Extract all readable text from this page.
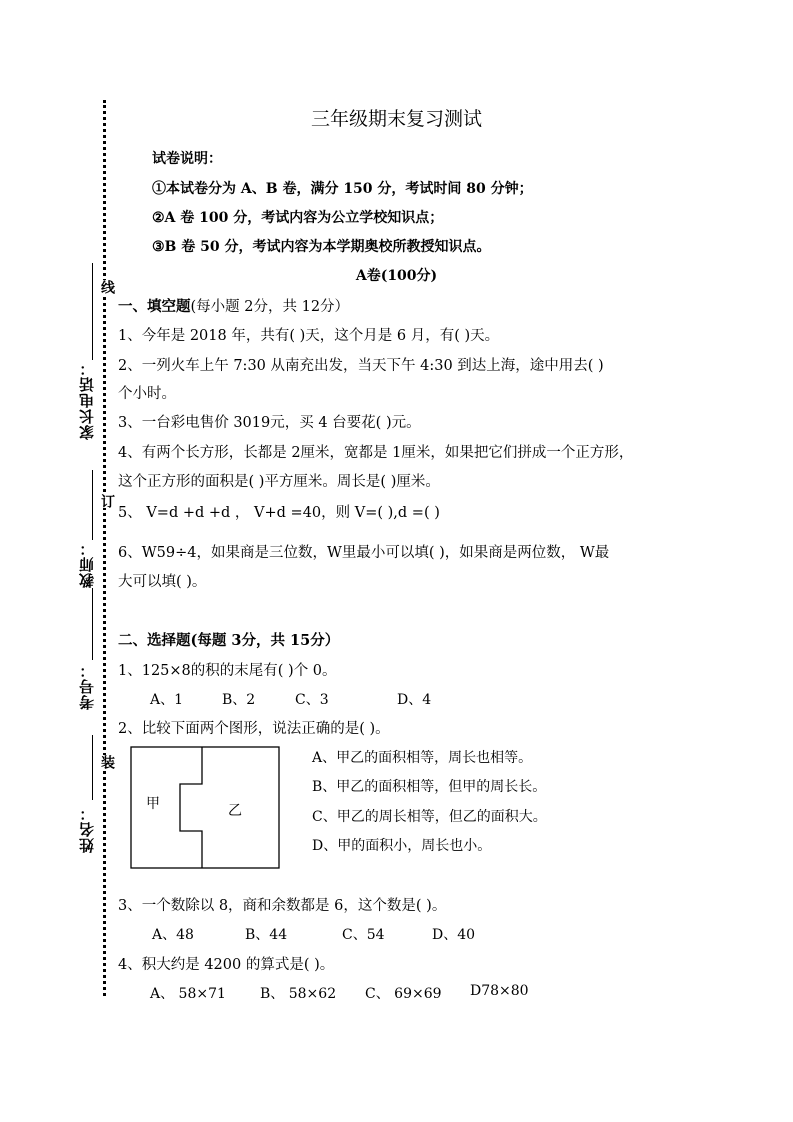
家长电话：
教师：
考号：
姓名：
线
订
装
三年级期末复习测试
试卷说明：
①本试卷分为 A、B 卷，满分 150 分，考试时间 80 分钟；
②A 卷 100 分，考试内容为公立学校知识点；
③B 卷 50 分，考试内容为本学期奥校所教授知识点。
A卷(100分)
一、填空题(每小题 2分，共 12分）
1、今年是 2018 年，共有( )天，这个月是 6 月，有( )天。
2、一列火车上午 7:30 从南充出发，当天下午 4:30 到达上海，途中用去( )
个小时。
3、一台彩电售价 3019元，买 4 台要花( )元。
4、有两个长方形，长都是 2厘米，宽都是 1厘米，如果把它们拼成一个正方形，
这个正方形的面积是( )平方厘米。周长是( )厘米。
5、 V=d +d +d ， V+d =40，则 V=( ),d =( )
6、W59÷4，如果商是三位数，W里最小可以填( )，如果商是两位数， W最
大可以填( )。
二、选择题(每题 3分，共 15分）
1、125×8的积的末尾有( )个 0。
A、1	B、2	C、3	D、4
2、比较下面两个图形，说法正确的是( )。
甲	乙
A、甲乙的面积相等，周长也相等。
B、甲乙的面积相等，但甲的周长长。
C、甲乙的周长相等，但乙的面积大。
D、甲的面积小，周长也小。
3、一个数除以 8，商和余数都是 6，这个数是( )。
A、48	B、44	C、54	D、40
4、积大约是 4200 的算式是( )。
A、 58×71 B、 58×62 C、 69×69 D78×80
